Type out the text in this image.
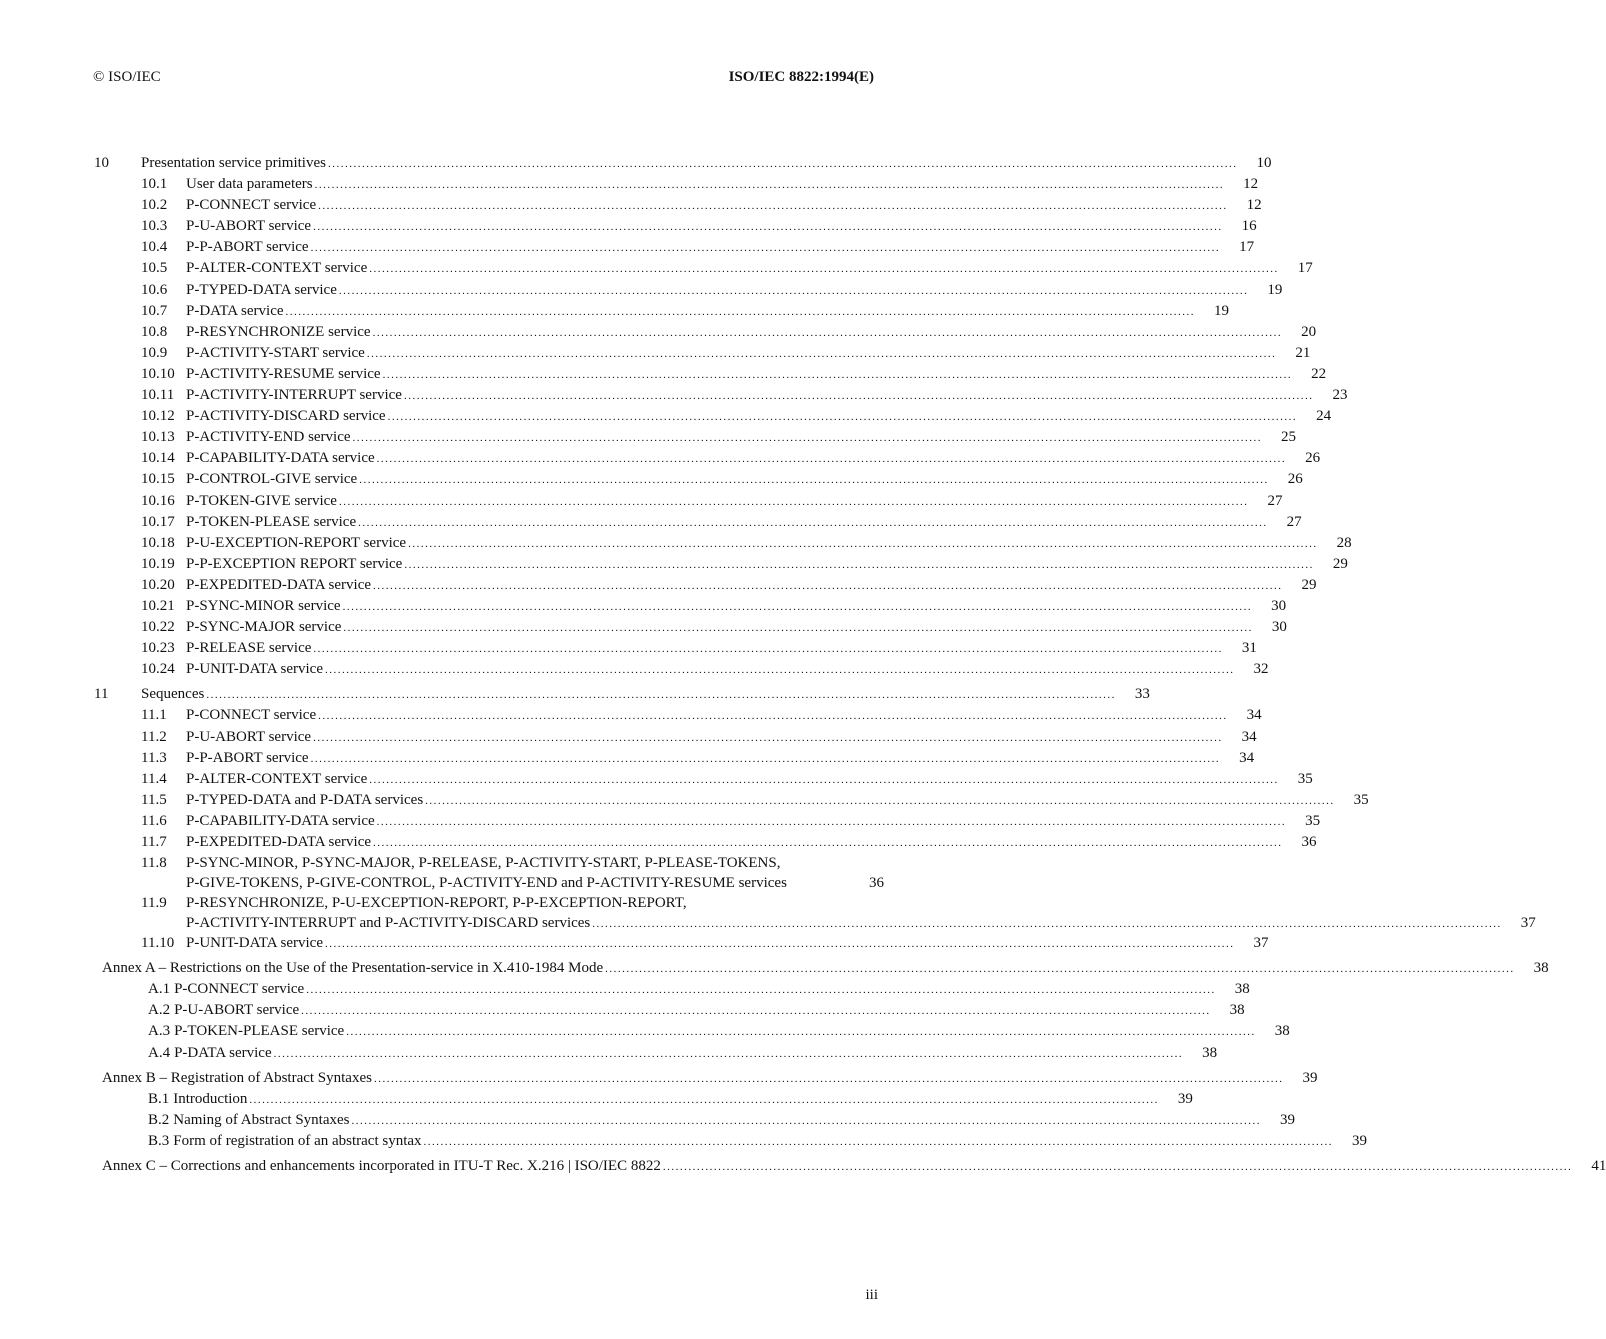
© ISO/IEC	ISO/IEC 8822:1994(E)
10	Presentation service primitives .....	10
10.1	User data parameters .....	12
10.2	P-CONNECT service .....	12
10.3	P-U-ABORT service .....	16
10.4	P-P-ABORT service .....	17
10.5	P-ALTER-CONTEXT service .....	17
10.6	P-TYPED-DATA service .....	19
10.7	P-DATA service .....	19
10.8	P-RESYNCHRONIZE service .....	20
10.9	P-ACTIVITY-START service .....	21
10.10 P-ACTIVITY-RESUME service .....	22
10.11 P-ACTIVITY-INTERRUPT service .....	23
10.12 P-ACTIVITY-DISCARD service .....	24
10.13 P-ACTIVITY-END service .....	25
10.14 P-CAPABILITY-DATA service .....	26
10.15 P-CONTROL-GIVE service .....	26
10.16 P-TOKEN-GIVE service .....	27
10.17 P-TOKEN-PLEASE service .....	27
10.18 P-U-EXCEPTION-REPORT service .....	28
10.19 P-P-EXCEPTION REPORT service .....	29
10.20 P-EXPEDITED-DATA service .....	29
10.21 P-SYNC-MINOR service .....	30
10.22 P-SYNC-MAJOR service .....	30
10.23 P-RELEASE service .....	31
10.24 P-UNIT-DATA service .....	32
11	Sequences .....	33
11.1	P-CONNECT service .....	34
11.2	P-U-ABORT service .....	34
11.3	P-P-ABORT service .....	34
11.4	P-ALTER-CONTEXT service .....	35
11.5	P-TYPED-DATA and P-DATA services .....	35
11.6	P-CAPABILITY-DATA service .....	35
11.7	P-EXPEDITED-DATA service .....	36
11.8	P-SYNC-MINOR, P-SYNC-MAJOR, P-RELEASE, P-ACTIVITY-START, P-PLEASE-TOKENS,
P-GIVE-TOKENS, P-GIVE-CONTROL, P-ACTIVITY-END and P-ACTIVITY-RESUME services	36
11.9	P-RESYNCHRONIZE, P-U-EXCEPTION-REPORT, P-P-EXCEPTION-REPORT,
P-ACTIVITY-INTERRUPT and P-ACTIVITY-DISCARD services .....	37
11.10 P-UNIT-DATA service .....	37
Annex A – Restrictions on the Use of the Presentation-service in X.410-1984 Mode .....	38
A.1 P-CONNECT service .....	38
A.2 P-U-ABORT service .....	38
A.3 P-TOKEN-PLEASE service .....	38
A.4 P-DATA service .....	38
Annex B – Registration of Abstract Syntaxes .....	39
B.1 Introduction .....	39
B.2 Naming of Abstract Syntaxes .....	39
B.3 Form of registration of an abstract syntax .....	39
Annex C – Corrections and enhancements incorporated in ITU-T Rec. X.216 | ISO/IEC 8822 .....	41
iii
